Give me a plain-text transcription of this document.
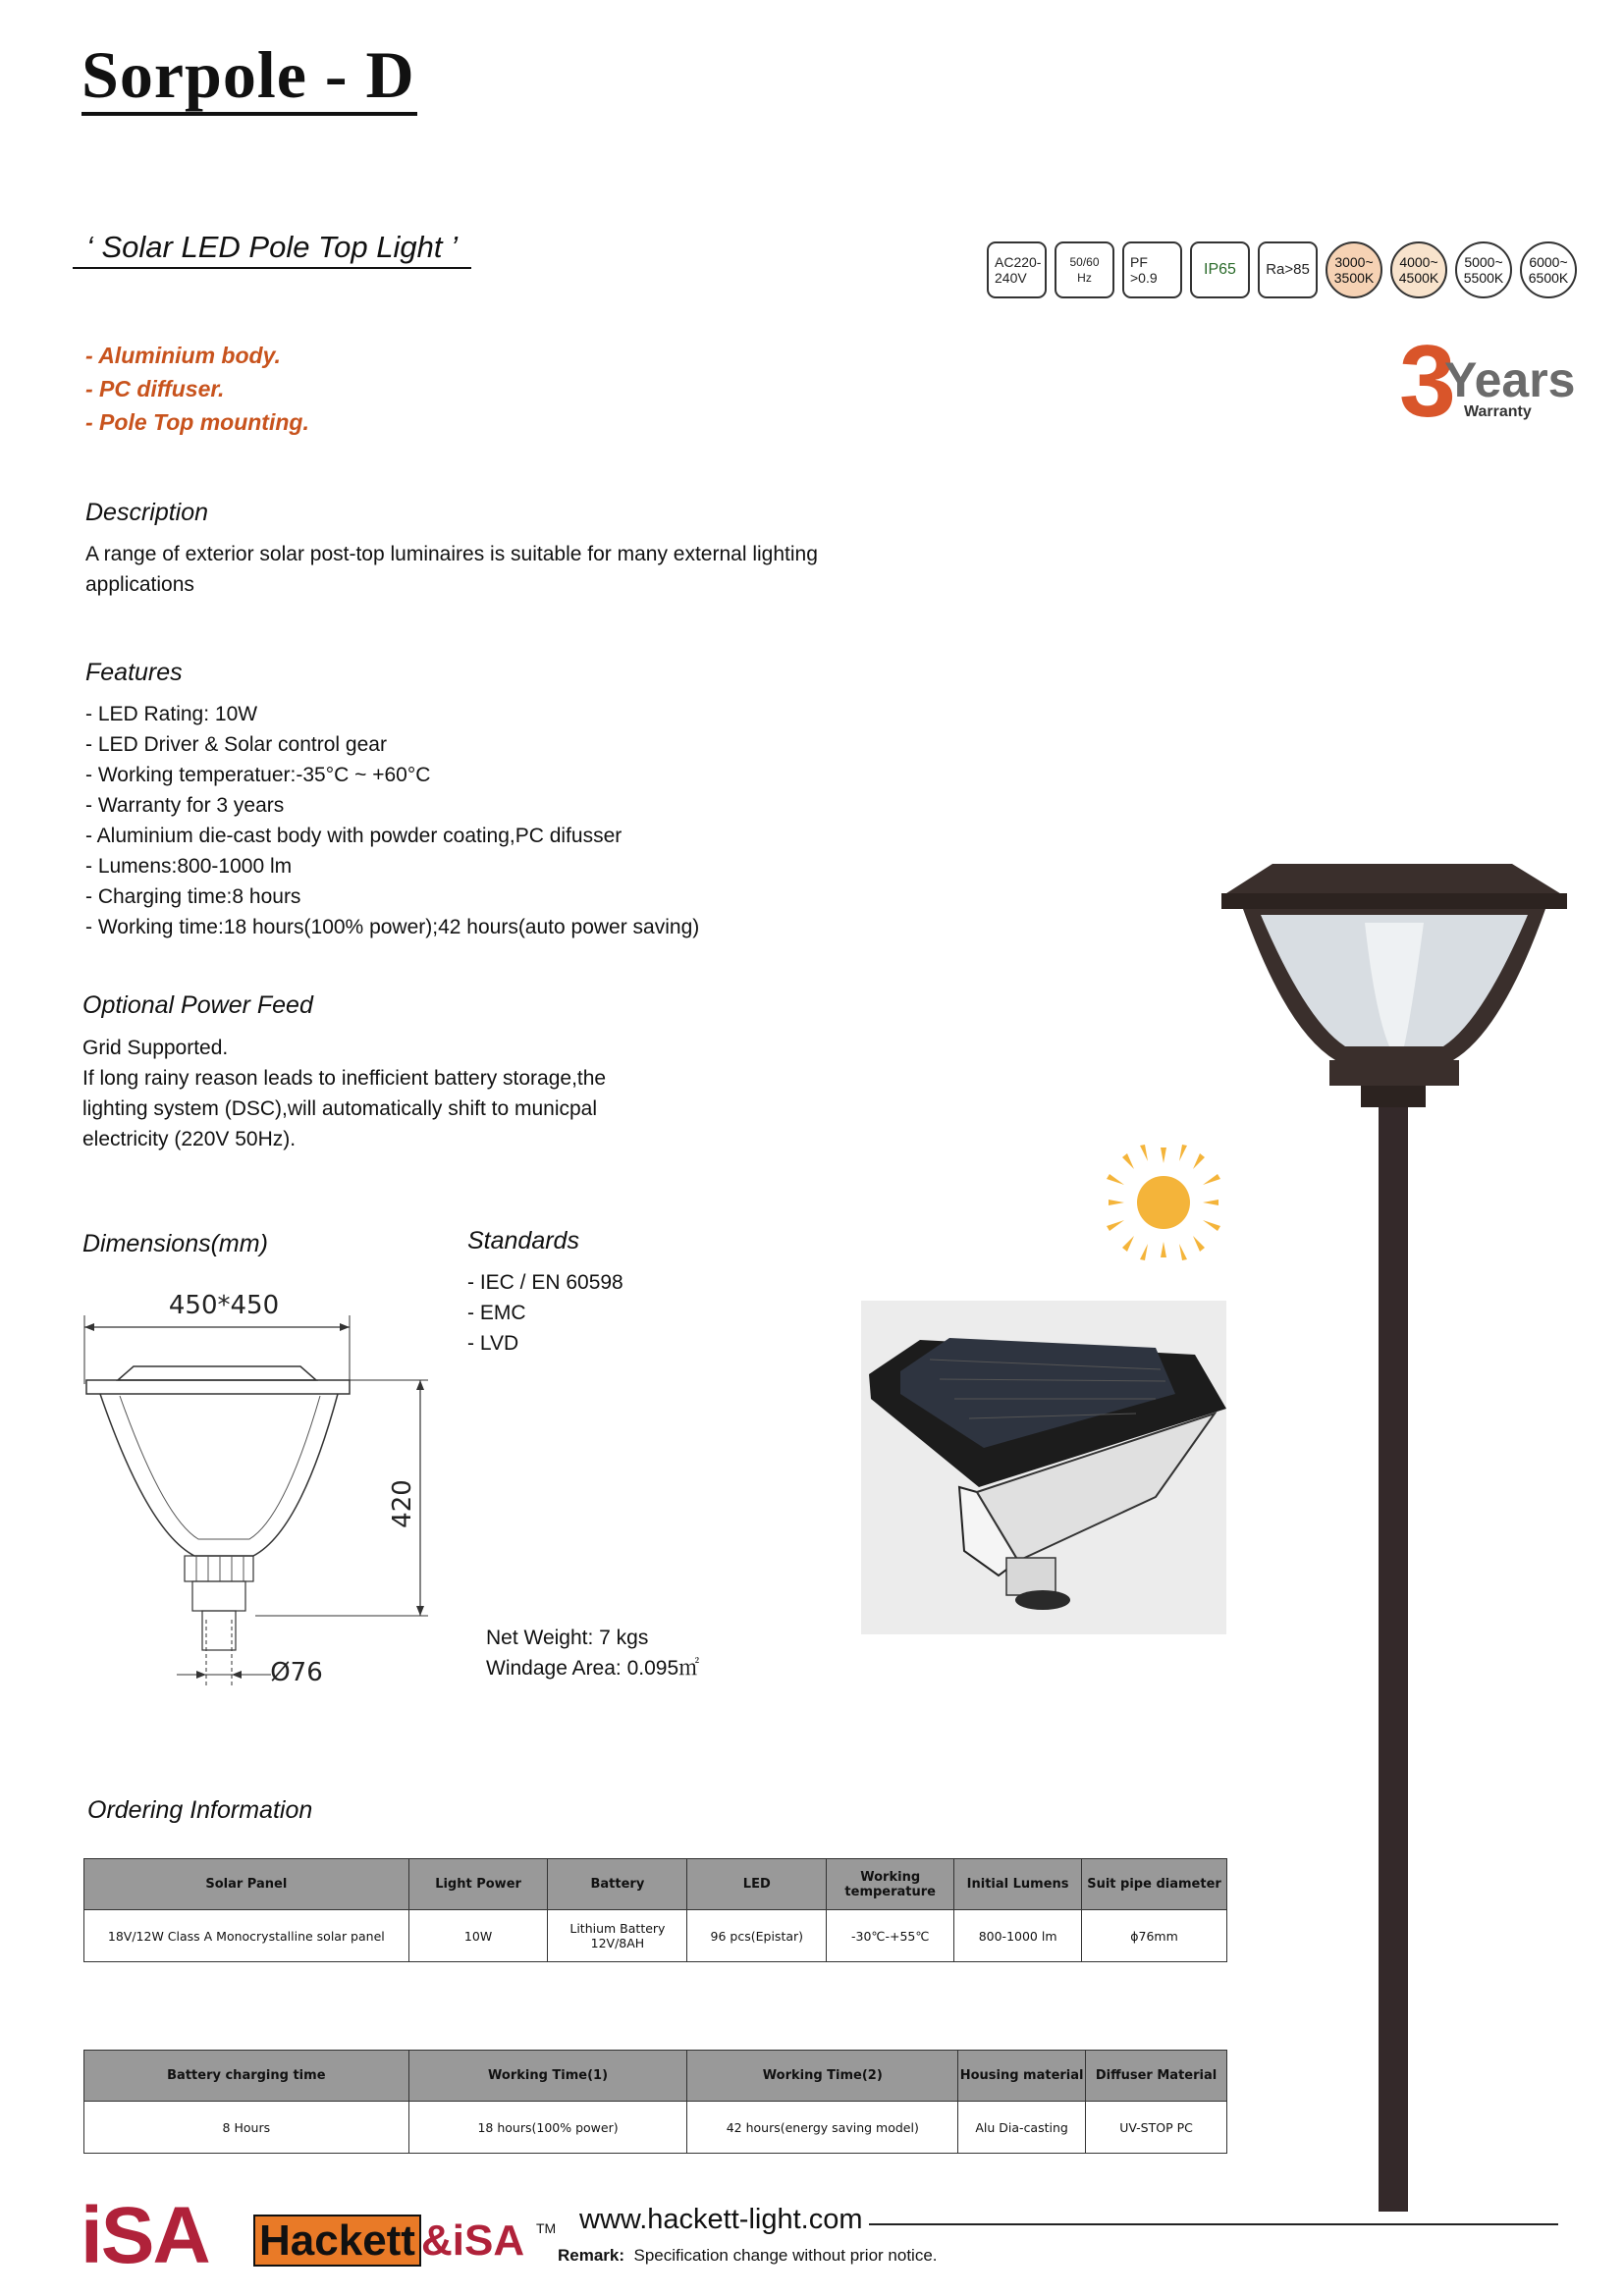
Sorpole - D
‘ Solar LED Pole Top Light ’	AC220-
240V
50/60
Hz
PF
>0.9	IP65 Ra>85 3000~
3500K
4000~
4500K
5000~
5500K
6000~
6500K
- Aluminium body.
- PC diffuser.
- Pole Top mounting.	3
Years
Warranty
Description
A range of exterior solar post-top luminaires is suitable for many external lighting
applications
Features
- LED Rating: 10W
- LED Driver & Solar control gear
- Working temperatuer:-35°C ~ +60°C
- Warranty for 3 years
- Aluminium die-cast body with powder coating,PC difusser
- Lumens:800-1000 lm
- Charging time:8 hours
- Working time:18 hours(100% power);42 hours(auto power saving)
Optional Power Feed
Grid Supported.
If long rainy reason leads to inefficient battery storage,the
lighting system (DSC),will automatically shift to municpal
electricity (220V 50Hz).
Dimensions(mm)
450*450
420
Ø76
Standards
- IEC / EN 60598
- EMC
- LVD
Net Weight: 7 kgs
Windage Area: 0.095㎡
Ordering Information
Solar Panel	Light Power	Battery	LED	Working
temperature	Initial Lumens	Suit pipe diameter
18V/12W Class A Monocrystalline solar panel	10W	Lithium Battery
12V/8AH	96 pcs(Epistar)	-30℃-+55℃	800-1000 lm	ϕ76mm
Battery charging time	Working Time(1)	Working Time(2)	Housing material	Diffuser Material
8 Hours	18 hours(100% power)	42 hours(energy saving model)	Alu Dia-casting	UV-STOP PC
iSA Hackett &iSA TM www.hackett-light.com
Remark: Specification change without prior notice.
